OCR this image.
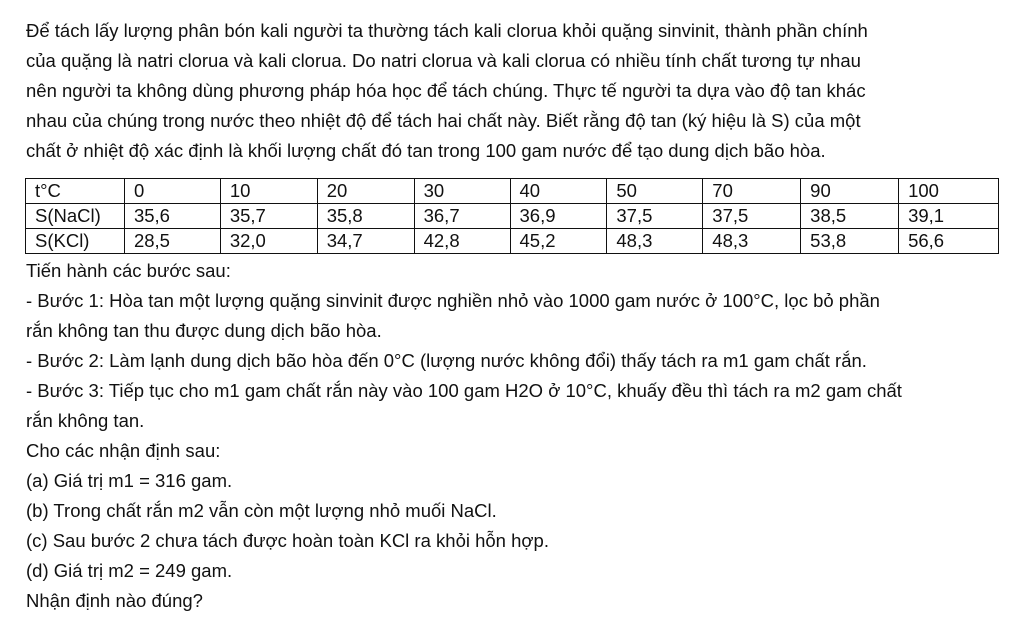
Để tách lấy lượng phân bón kali người ta thường tách kali clorua khỏi quặng sinvinit, thành phần chính

của quặng là natri clorua và kali clorua. Do natri clorua và kali clorua có nhiều tính chất tương tự nhau

nên người ta không dùng phương pháp hóa học để tách chúng. Thực tế người ta dựa vào độ tan khác

nhau của chúng trong nước theo nhiệt độ để tách hai chất này. Biết rằng độ tan (ký hiệu là S) của một

chất ở nhiệt độ xác định là khối lượng chất đó tan trong 100 gam nước để tạo dung dịch bão hòa.

t°C	0	10	20	30	40	50	70	90	100
S(NaCl)	35,6	35,7	35,8	36,7	36,9	37,5	37,5	38,5	39,1
S(KCl)	28,5	32,0	34,7	42,8	45,2	48,3	48,3	53,8	56,6

Tiến hành các bước sau:

- Bước 1: Hòa tan một lượng quặng sinvinit được nghiền nhỏ vào 1000 gam nước ở 100°C, lọc bỏ phần

rắn không tan thu được dung dịch bão hòa.

- Bước 2: Làm lạnh dung dịch bão hòa đến 0°C (lượng nước không đổi) thấy tách ra m1 gam chất rắn.

- Bước 3: Tiếp tục cho m1 gam chất rắn này vào 100 gam H2O ở 10°C, khuấy đều thì tách ra m2 gam chất

rắn không tan.

Cho các nhận định sau:

(a) Giá trị m1 = 316 gam.

(b) Trong chất rắn m2 vẫn còn một lượng nhỏ muối NaCl.

(c) Sau bước 2 chưa tách được hoàn toàn KCl ra khỏi hỗn hợp.

(d) Giá trị m2 = 249 gam.

Nhận định nào đúng?
